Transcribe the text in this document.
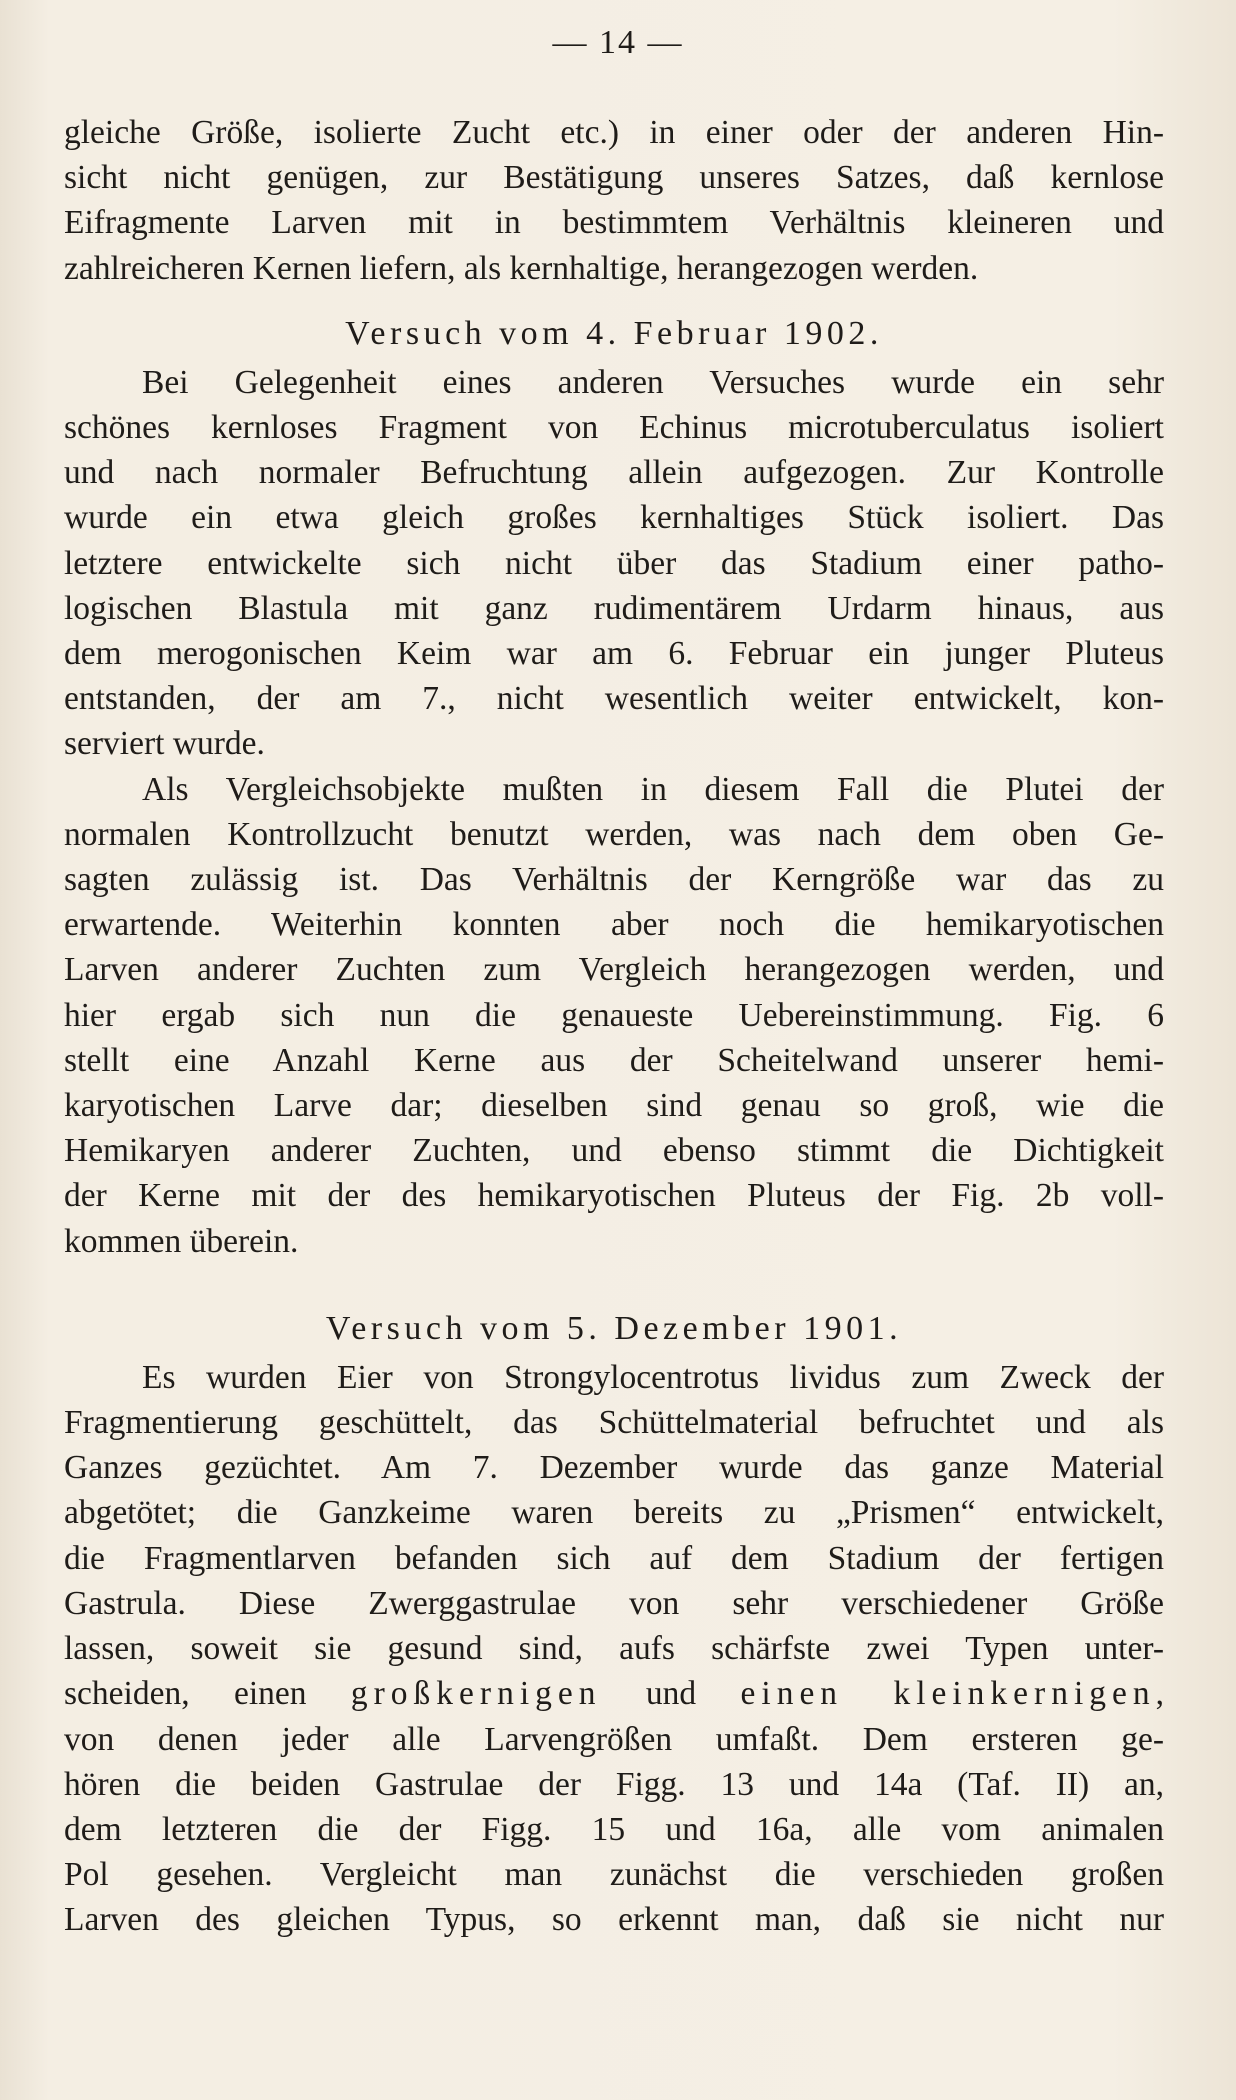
— 14 —
gleiche Größe, isolierte Zucht etc.) in einer oder der anderen Hin-
sicht nicht genügen, zur Bestätigung unseres Satzes, daß kernlose
Eifragmente Larven mit in bestimmtem Verhältnis kleineren und
zahlreicheren Kernen liefern, als kernhaltige, herangezogen werden.
Versuch vom 4. Februar 1902.
Bei Gelegenheit eines anderen Versuches wurde ein sehr
schönes kernloses Fragment von Echinus microtuberculatus isoliert
und nach normaler Befruchtung allein aufgezogen. Zur Kontrolle
wurde ein etwa gleich großes kernhaltiges Stück isoliert. Das
letztere entwickelte sich nicht über das Stadium einer patho-
logischen Blastula mit ganz rudimentärem Urdarm hinaus, aus
dem merogonischen Keim war am 6. Februar ein junger Pluteus
entstanden, der am 7., nicht wesentlich weiter entwickelt, kon-
serviert wurde.
Als Vergleichsobjekte mußten in diesem Fall die Plutei der
normalen Kontrollzucht benutzt werden, was nach dem oben Ge-
sagten zulässig ist. Das Verhältnis der Kerngröße war das zu
erwartende. Weiterhin konnten aber noch die hemikaryotischen
Larven anderer Zuchten zum Vergleich herangezogen werden, und
hier ergab sich nun die genaueste Uebereinstimmung. Fig. 6
stellt eine Anzahl Kerne aus der Scheitelwand unserer hemi-
karyotischen Larve dar; dieselben sind genau so groß, wie die
Hemikaryen anderer Zuchten, und ebenso stimmt die Dichtigkeit
der Kerne mit der des hemikaryotischen Pluteus der Fig. 2b voll-
kommen überein.
Versuch vom 5. Dezember 1901.
Es wurden Eier von Strongylocentrotus lividus zum Zweck der
Fragmentierung geschüttelt, das Schüttelmaterial befruchtet und als
Ganzes gezüchtet. Am 7. Dezember wurde das ganze Material
abgetötet; die Ganzkeime waren bereits zu „Prismen“ entwickelt,
die Fragmentlarven befanden sich auf dem Stadium der fertigen
Gastrula. Diese Zwerggastrulae von sehr verschiedener Größe
lassen, soweit sie gesund sind, aufs schärfste zwei Typen unter-
scheiden, einen großkernigen und einen kleinkernigen,
von denen jeder alle Larvengrößen umfaßt. Dem ersteren ge-
hören die beiden Gastrulae der Figg. 13 und 14a (Taf. II) an,
dem letzteren die der Figg. 15 und 16a, alle vom animalen
Pol gesehen. Vergleicht man zunächst die verschieden großen
Larven des gleichen Typus, so erkennt man, daß sie nicht nur
